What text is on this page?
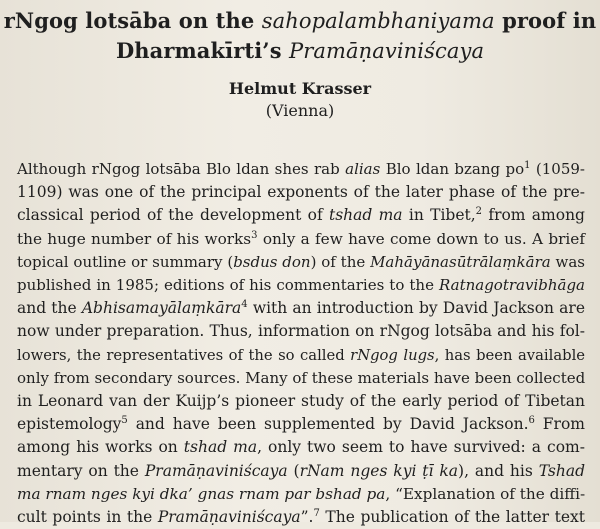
rNgog lotsāba on the sahopalambhaniyama proof in
Dharmakīrti’s Pramāṇaviniścaya
Helmut Krasser
(Vienna)
Although rNgog lotsāba Blo ldan shes rab alias Blo ldan bzang $po^1$ (1059-
1109) was one of the principal exponents of the later phase of the pre-
classical period of the development of tshad ma in Tibet,$^2$ from among
the huge number of his works$^3$ only a few have come down to us. A brief
topical outline or summary (bsdus don) of the Mahāyānasūtrālaṃkāra was
published in 1985; editions of his commentaries to the Ratnagotravibhāga
and the Abhisamayālaṃkāra$^4$ with an introduction by David Jackson are
now under preparation. Thus, information on rNgog lotsāba and his fol-
lowers, the representatives of the so called rNgog lugs, has been available
only from secondary sources. Many of these materials have been collected
in Leonard van der Kuijp’s pioneer study of the early period of Tibetan
epistemology$^5$ and have been supplemented by David Jackson.$^6$ From
among his works on tshad ma, only two seem to have survived: a com-
mentary on the Pramāṇaviniścaya (rNam nges kyi ṭī ka), and his Tshad
ma rnam nges kyi dka’ gnas rnam par bshad pa, “Explanation of the diffi-
cult points in the Pramāṇaviniścaya”.$^7$ The publication of the latter text
